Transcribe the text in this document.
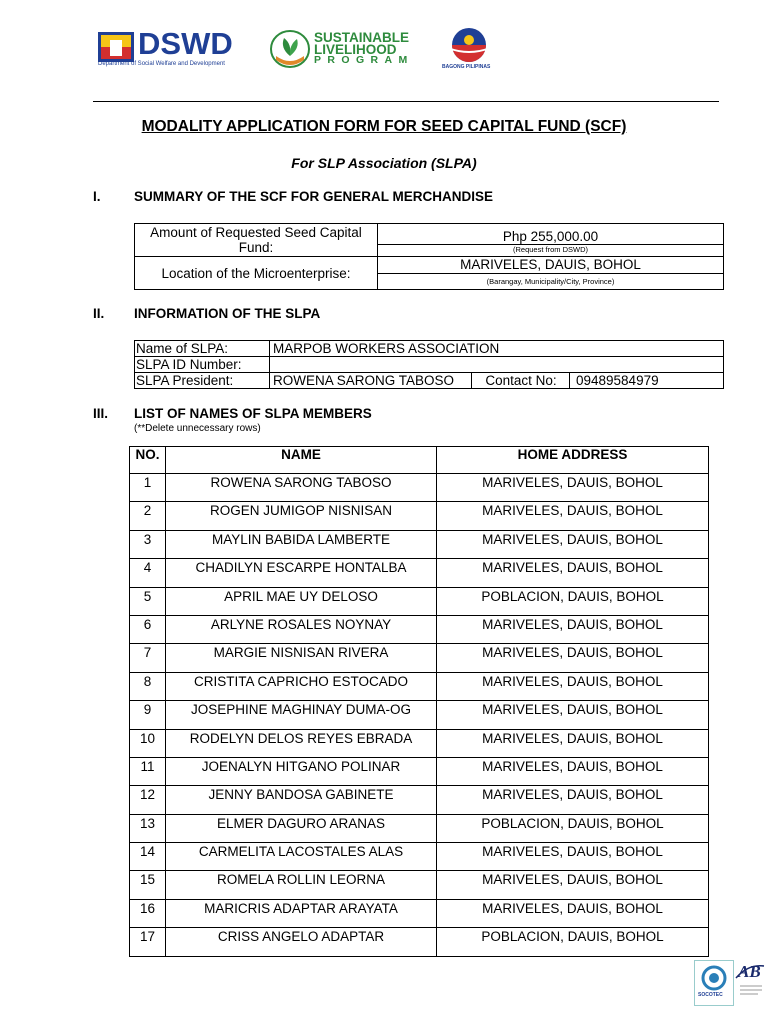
DSWD
Department of Social Welfare and Development
SUSTAINABLE
LIVELIHOOD
PROGRAM
BAGONG PILIPINAS
MODALITY APPLICATION FORM FOR SEED CAPITAL FUND (SCF)
For SLP Association (SLPA)
I. SUMMARY OF THE SCF FOR GENERAL MERCHANDISE
Amount of Requested Seed Capital Fund:	Php 255,000.00
	(Request from DSWD)
Location of the Microenterprise:	MARIVELES, DAUIS, BOHOL
	(Barangay, Municipality/City, Province)
II. INFORMATION OF THE SLPA
Name of SLPA:	MARPOB WORKERS ASSOCIATION		
SLPA ID Number:			
SLPA President:	ROWENA SARONG TABOSO	Contact No:	09489584979
III. LIST OF NAMES OF SLPA MEMBERS
(**Delete unnecessary rows)
NO.	NAME	HOME ADDRESS
1	ROWENA SARONG TABOSO	MARIVELES, DAUIS, BOHOL
2	ROGEN JUMIGOP NISNISAN	MARIVELES, DAUIS, BOHOL
3	MAYLIN BABIDA LAMBERTE	MARIVELES, DAUIS, BOHOL
4	CHADILYN ESCARPE HONTALBA	MARIVELES, DAUIS, BOHOL
5	APRIL MAE UY DELOSO	POBLACION, DAUIS, BOHOL
6	ARLYNE ROSALES NOYNAY	MARIVELES, DAUIS, BOHOL
7	MARGIE NISNISAN RIVERA	MARIVELES, DAUIS, BOHOL
8	CRISTITA CAPRICHO ESTOCADO	MARIVELES, DAUIS, BOHOL
9	JOSEPHINE MAGHINAY DUMA-OG	MARIVELES, DAUIS, BOHOL
10	RODELYN DELOS REYES EBRADA	MARIVELES, DAUIS, BOHOL
11	JOENALYN HITGANO POLINAR	MARIVELES, DAUIS, BOHOL
12	JENNY BANDOSA GABINETE	MARIVELES, DAUIS, BOHOL
13	ELMER DAGURO ARANAS	POBLACION, DAUIS, BOHOL
14	CARMELITA LACOSTALES ALAS	MARIVELES, DAUIS, BOHOL
15	ROMELA ROLLIN LEORNA	MARIVELES, DAUIS, BOHOL
16	MARICRIS ADAPTAR ARAYATA	MARIVELES, DAUIS, BOHOL
17	CRISS ANGELO ADAPTAR	POBLACION, DAUIS, BOHOL
SOCOTEC
AB
